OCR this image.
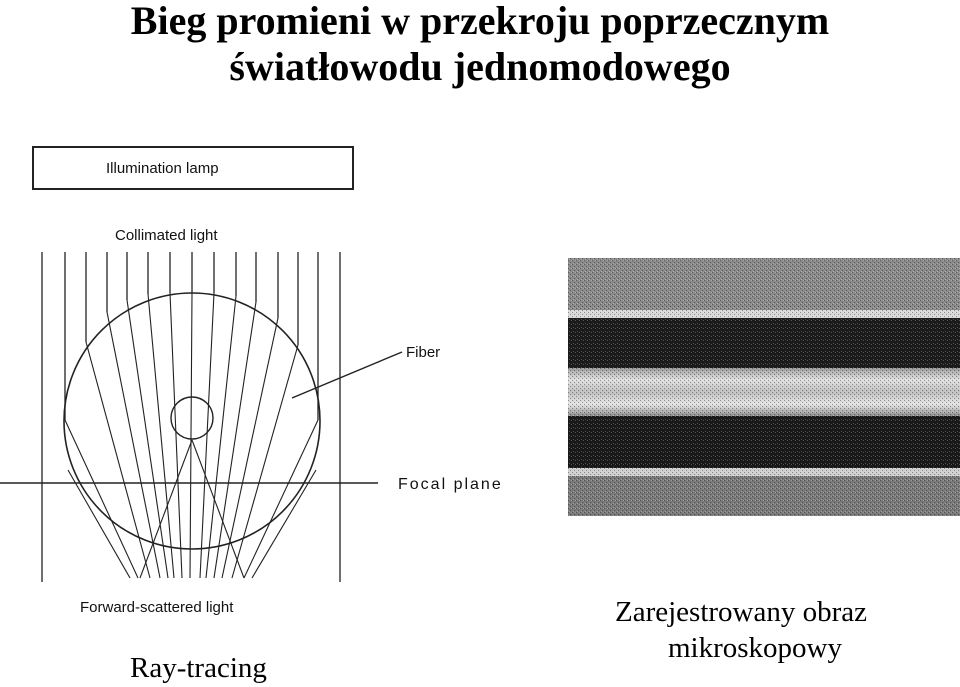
Bieg promieni w przekroju poprzecznym
światłowodu jednomodowego
Illumination lamp
Collimated light
Focal plane
Fiber
Forward-scattered light
Ray-tracing
Zarejestrowany obraz
mikroskopowy
